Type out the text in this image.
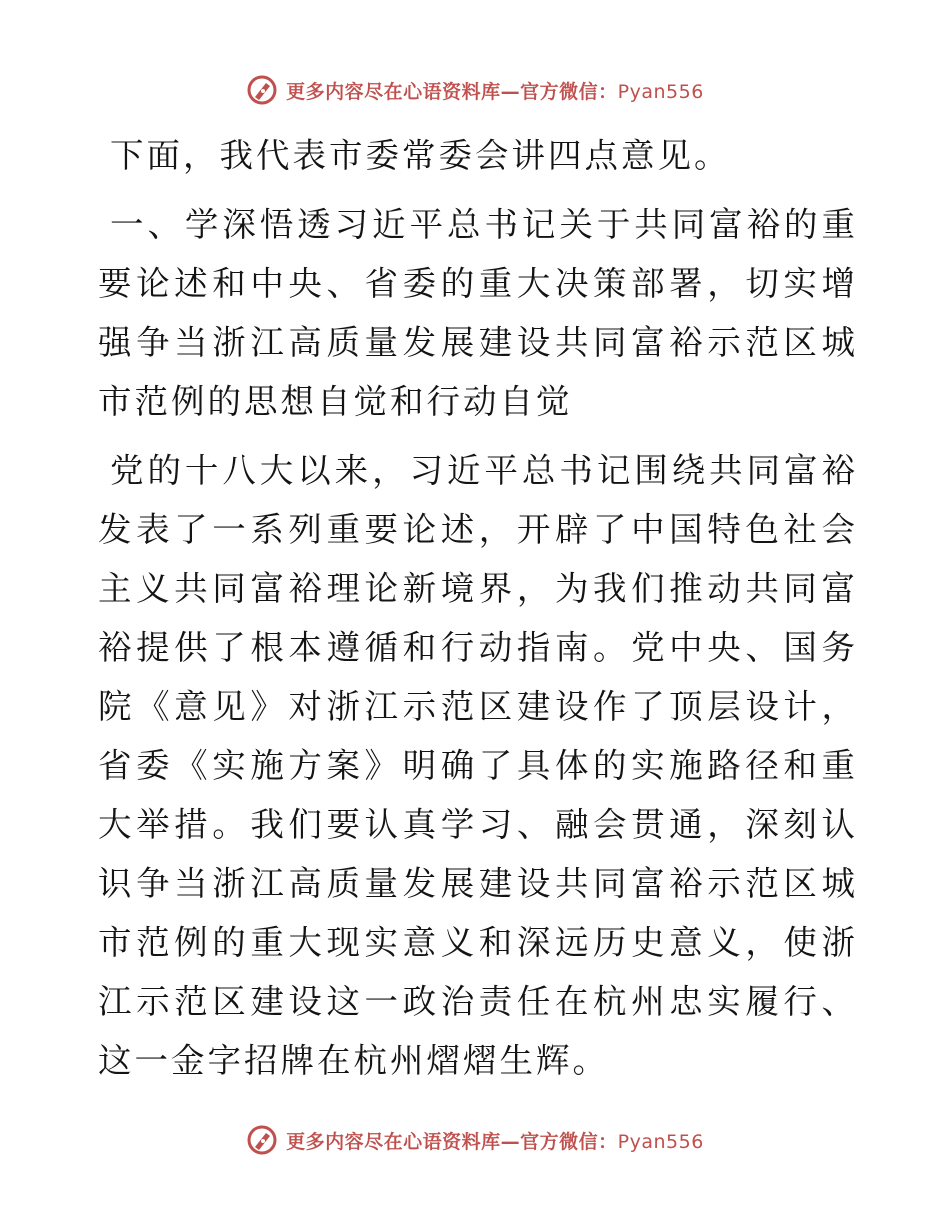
更多内容尽在心语资料库—官方微信：Pyan556

下面，我代表市委常委会讲四点意见。

一、学深悟透习近平总书记关于共同富裕的重要论述和中央、省委的重大决策部署，切实增强争当浙江高质量发展建设共同富裕示范区城市范例的思想自觉和行动自觉

党的十八大以来，习近平总书记围绕共同富裕发表了一系列重要论述，开辟了中国特色社会主义共同富裕理论新境界，为我们推动共同富裕提供了根本遵循和行动指南。党中央、国务院《意见》对浙江示范区建设作了顶层设计，省委《实施方案》明确了具体的实施路径和重大举措。我们要认真学习、融会贯通，深刻认识争当浙江高质量发展建设共同富裕示范区城市范例的重大现实意义和深远历史意义，使浙江示范区建设这一政治责任在杭州忠实履行、这一金字招牌在杭州熠熠生辉。

更多内容尽在心语资料库—官方微信：Pyan556
